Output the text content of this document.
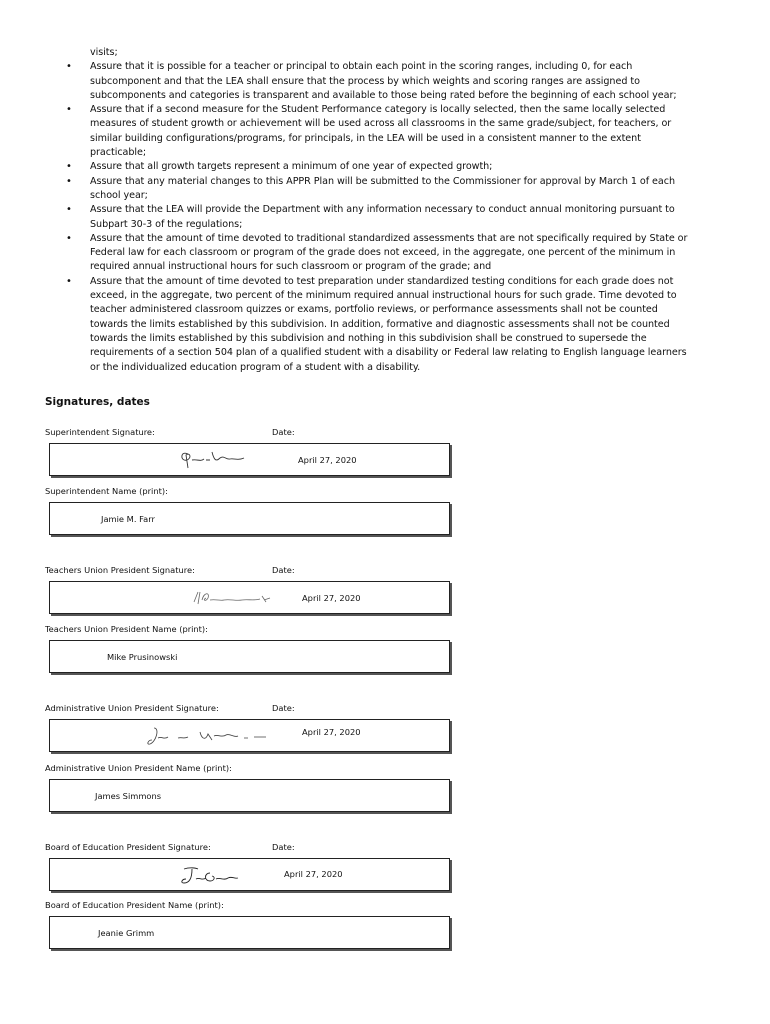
visits;
• Assure that it is possible for a teacher or principal to obtain each point in the scoring ranges, including 0, for each
subcomponent and that the LEA shall ensure that the process by which weights and scoring ranges are assigned to
subcomponents and categories is transparent and available to those being rated before the beginning of each school year;
• Assure that if a second measure for the Student Performance category is locally selected, then the same locally selected
measures of student growth or achievement will be used across all classrooms in the same grade/subject, for teachers, or
similar building configurations/programs, for principals, in the LEA will be used in a consistent manner to the extent
practicable;
• Assure that all growth targets represent a minimum of one year of expected growth;
• Assure that any material changes to this APPR Plan will be submitted to the Commissioner for approval by March 1 of each
school year;
• Assure that the LEA will provide the Department with any information necessary to conduct annual monitoring pursuant to
Subpart 30-3 of the regulations;
• Assure that the amount of time devoted to traditional standardized assessments that are not specifically required by State or
Federal law for each classroom or program of the grade does not exceed, in the aggregate, one percent of the minimum in
required annual instructional hours for such classroom or program of the grade; and
• Assure that the amount of time devoted to test preparation under standardized testing conditions for each grade does not
exceed, in the aggregate, two percent of the minimum required annual instructional hours for such grade. Time devoted to
teacher administered classroom quizzes or exams, portfolio reviews, or performance assessments shall not be counted
towards the limits established by this subdivision. In addition, formative and diagnostic assessments shall not be counted
towards the limits established by this subdivision and nothing in this subdivision shall be construed to supersede the
requirements of a section 504 plan of a qualified student with a disability or Federal law relating to English language learners
or the individualized education program of a student with a disability.
Signatures, dates
Superintendent Signature:	Date:
April 27, 2020
Superintendent Name (print):
Jamie M. Farr
Teachers Union President Signature:	Date:
April 27, 2020
Teachers Union President Name (print):
Mike Prusinowski
Administrative Union President Signature:	Date:
April 27, 2020
Administrative Union President Name (print):
James Simmons
Board of Education President Signature:	Date:
April 27, 2020
Board of Education President Name (print):
Jeanie Grimm
